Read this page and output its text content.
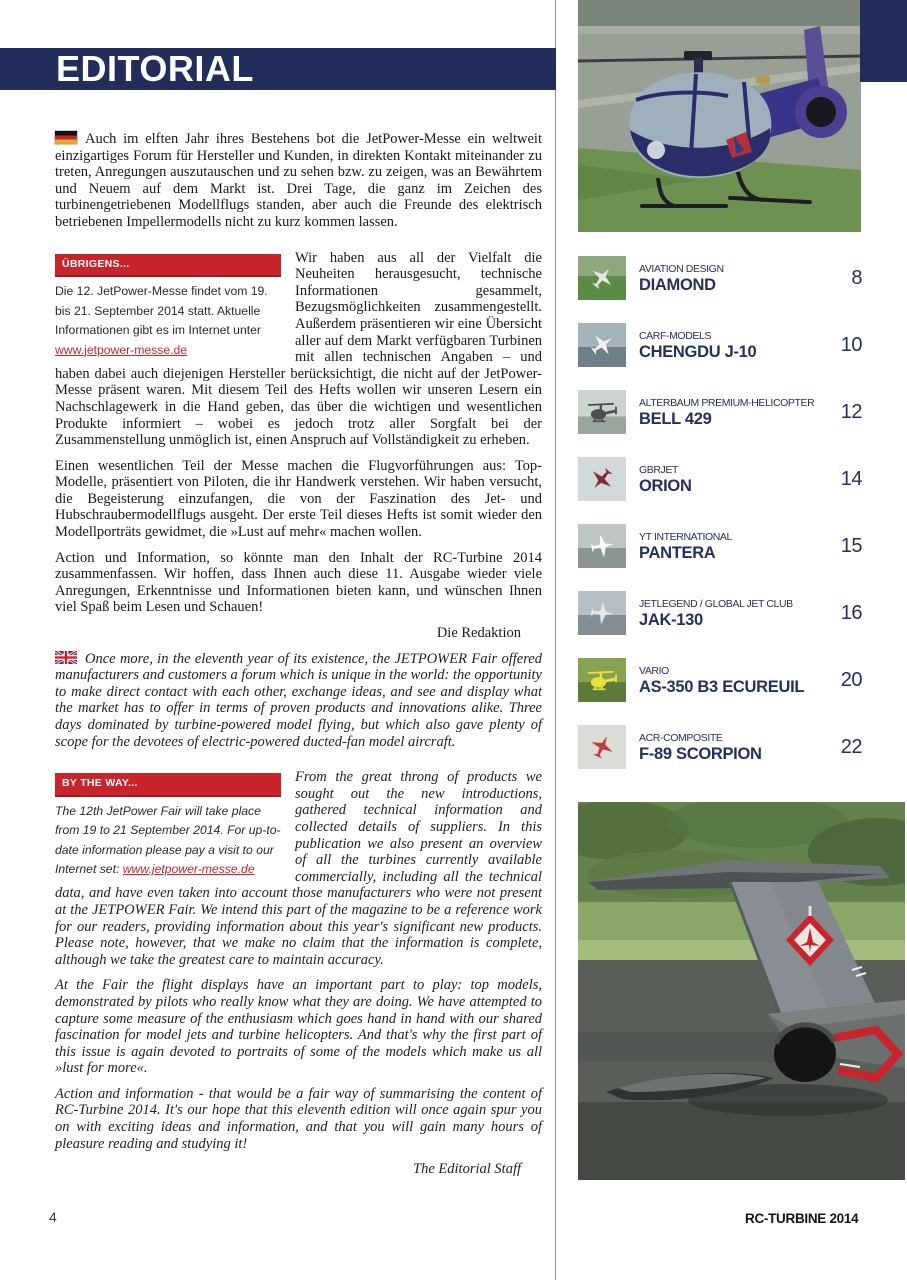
EDITORIAL

Auch im elften Jahr ihres Bestehens bot die JetPower-Messe ein weltweit einzigartiges Forum für Hersteller und Kunden, in direkten Kontakt miteinander zu treten, Anregungen auszutauschen und zu sehen bzw. zu zeigen, was an Bewährtem und Neuem auf dem Markt ist. Drei Tage, die ganz im Zeichen des turbinengetriebenen Modellflugs standen, aber auch die Freunde des elektrisch betriebenen Impellermodells nicht zu kurz kommen lassen.

ÜBRIGENS...
Die 12. JetPower-Messe findet vom 19. bis 21. September 2014 statt. Aktuelle Informationen gibt es im Internet unter www.jetpower-messe.de

Wir haben aus all der Vielfalt die Neuheiten herausgesucht, technische Informationen gesammelt, Bezugsmöglichkeiten zusammengestellt. Außerdem präsentieren wir eine Übersicht aller auf dem Markt verfügbaren Turbinen mit allen technischen Angaben – und haben dabei auch diejenigen Hersteller berücksichtigt, die nicht auf der JetPower-Messe präsent waren. Mit diesem Teil des Hefts wollen wir unseren Lesern ein Nachschlagewerk in die Hand geben, das über die wichtigen und wesentlichen Produkte informiert – wobei es jedoch trotz aller Sorgfalt bei der Zusammenstellung unmöglich ist, einen Anspruch auf Vollständigkeit zu erheben.

Einen wesentlichen Teil der Messe machen die Flugvorführungen aus: Top-Modelle, präsentiert von Piloten, die ihr Handwerk verstehen. Wir haben versucht, die Begeisterung einzufangen, die von der Faszination des Jet- und Hubschraubermodellflugs ausgeht. Der erste Teil dieses Hefts ist somit wieder den Modellporträts gewidmet, die »Lust auf mehr« machen wollen.

Action und Information, so könnte man den Inhalt der RC-Turbine 2014 zusammenfassen. Wir hoffen, dass Ihnen auch diese 11. Ausgabe wieder viele Anregungen, Erkenntnisse und Informationen bieten kann, und wünschen Ihnen viel Spaß beim Lesen und Schauen!

Die Redaktion

Once more, in the eleventh year of its existence, the JETPOWER Fair offered manufacturers and customers a forum which is unique in the world: the opportunity to make direct contact with each other, exchange ideas, and see and display what the market has to offer in terms of proven products and innovations alike. Three days dominated by turbine-powered model flying, but which also gave plenty of scope for the devotees of electric-powered ducted-fan model aircraft.

BY THE WAY...
The 12th JetPower Fair will take place from 19 to 21 September 2014. For up-to-date information please pay a visit to our Internet set: www.jetpower-messe.de

From the great throng of products we sought out the new introductions, gathered technical information and collected details of suppliers. In this publication we also present an overview of all the turbines currently available commercially, including all the technical data, and have even taken into account those manufacturers who were not present at the JETPOWER Fair. We intend this part of the magazine to be a reference work for our readers, providing information about this year's significant new products. Please note, however, that we make no claim that the information is complete, although we take the greatest care to maintain accuracy.

At the Fair the flight displays have an important part to play: top models, demonstrated by pilots who really know what they are doing. We have attempted to capture some measure of the enthusiasm which goes hand in hand with our shared fascination for model jets and turbine helicopters. And that's why the first part of this issue is again devoted to portraits of some of the models which make us all »lust for more«.

Action and information - that would be a fair way of summarising the content of RC-Turbine 2014. It's our hope that this eleventh edition will once again spur you on with exciting ideas and information, and that you will gain many hours of pleasure reading and studying it!

The Editorial Staff

AVIATION DESIGN
DIAMOND	8
CARF-MODELS
CHENGDU J-10	10
ALTERBAUM PREMIUM-HELICOPTER
BELL 429	12
GBRJET
ORION	14
YT INTERNATIONAL
PANTERA	15
JETLEGEND / GLOBAL JET CLUB
JAK-130	16
VARIO
AS-350 B3 ECUREUIL	20
ACR-COMPOSITE
F-89 SCORPION	22
4	RC-TURBINE 2014
